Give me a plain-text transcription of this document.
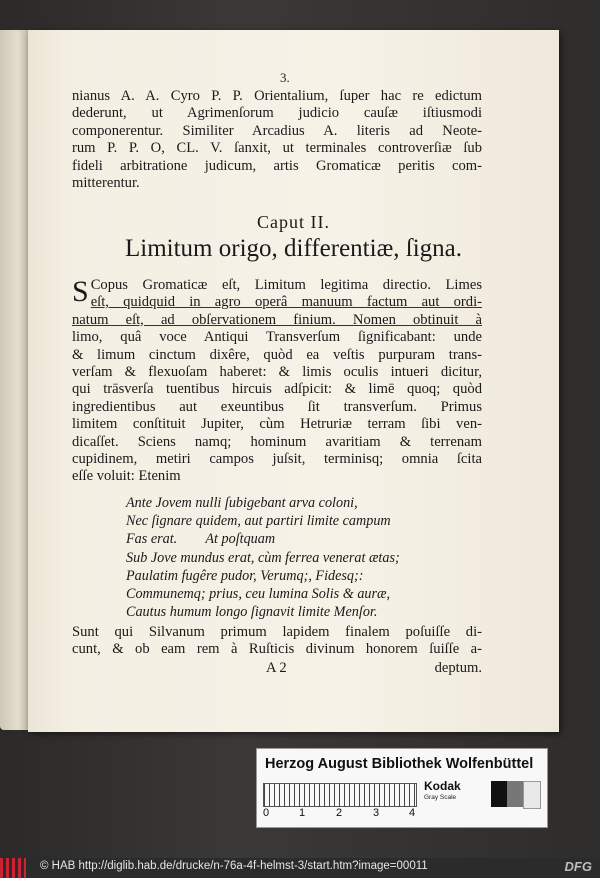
3.
nianus A. A. Cyro P. P. Orientalium, ſuper hac re edictum
dederunt, ut Agrimenſorum judicio cauſæ iſtiusmodi
componerentur. Similiter Arcadius A. literis ad Neote-
rum P. P. O, CL. V. ſanxit, ut terminales controverſiæ ſub
fideli arbitratione judicum, artis Gromaticæ peritis com-
mitterentur.
Caput II.
Limitum origo, differentiæ, ſigna.
S Copus Gromaticæ eſt, Limitum legitima directio. Limes
eſt, quidquid in agro operâ manuum factum aut ordi-
natum eſt, ad obſervationem finium. Nomen obtinuit à
limo, quâ voce Antiqui Transverſum ſignificabant: unde
& limum cinctum dixêre, quòd ea veſtis purpuram trans-
verſam & flexuoſam haberet: & limis oculis intueri dicitur,
qui trāsverſa tuentibus hircuis adſpicit: & limē quoq; quòd
ingredientibus aut exeuntibus ſit transverſum. Primus
limitem conſtituit Jupiter, cùm Hetruriæ terram ſibi ven-
dicaſſet. Sciens namq; hominum avaritiam & terrenam
cupidinem, metiri campos juſsit, terminisq; omnia ſcita
eſſe voluit: Etenim
Ante Jovem nulli ſubigebant arva coloni,
Nec ſignare quidem, aut partiri limite campum
Fas erat.        At poſtquam
Sub Jove mundus erat, cùm ferrea venerat ætas;
Paulatim fugêre pudor, Verumq;, Fidesq;:
Communemq; prius, ceu lumina Solis & auræ,
Cautus humum longo ſignavit limite Menſor.
Sunt qui Silvanum primum lapidem finalem poſuiſſe di-
cunt, & ob eam rem à Ruſticis divinum honorem ſuiſſe a-
A 2	deptum.
Herzog August Bibliothek Wolfenbüttel
0	1	2	3	4
Kodak
Gray Scale
© HAB http://diglib.hab.de/drucke/n-76a-4f-helmst-3/start.htm?image=00011	DFG
